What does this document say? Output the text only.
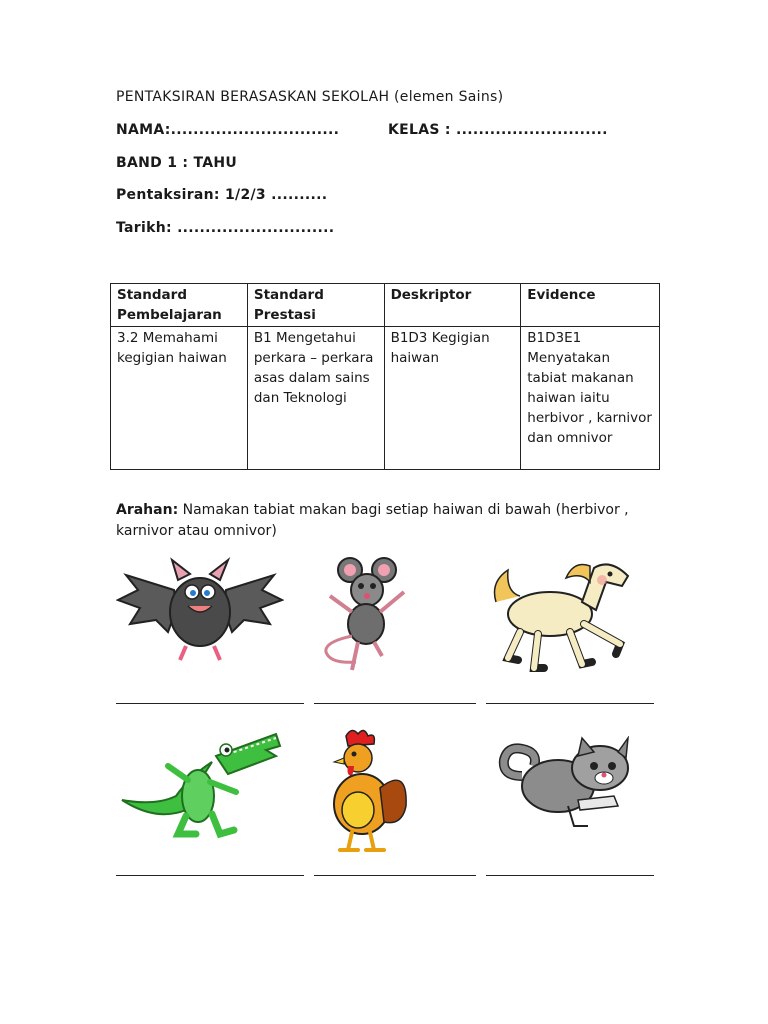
PENTAKSIRAN BERASASKAN SEKOLAH (elemen Sains)
NAMA:..............................	KELAS : ...........................
BAND 1 : TAHU
Pentaksiran: 1/2/3 ..........
Tarikh: ............................
Standard Pembelajaran	Standard Prestasi	Deskriptor	Evidence
3.2 Memahami kegigian haiwan	B1 Mengetahui perkara – perkara asas dalam sains dan Teknologi	B1D3 Kegigian haiwan	B1D3E1 Menyatakan tabiat makanan haiwan iaitu herbivor , karnivor dan omnivor
Arahan: Namakan tabiat makan bagi setiap haiwan di bawah (herbivor , karnivor atau omnivor)
